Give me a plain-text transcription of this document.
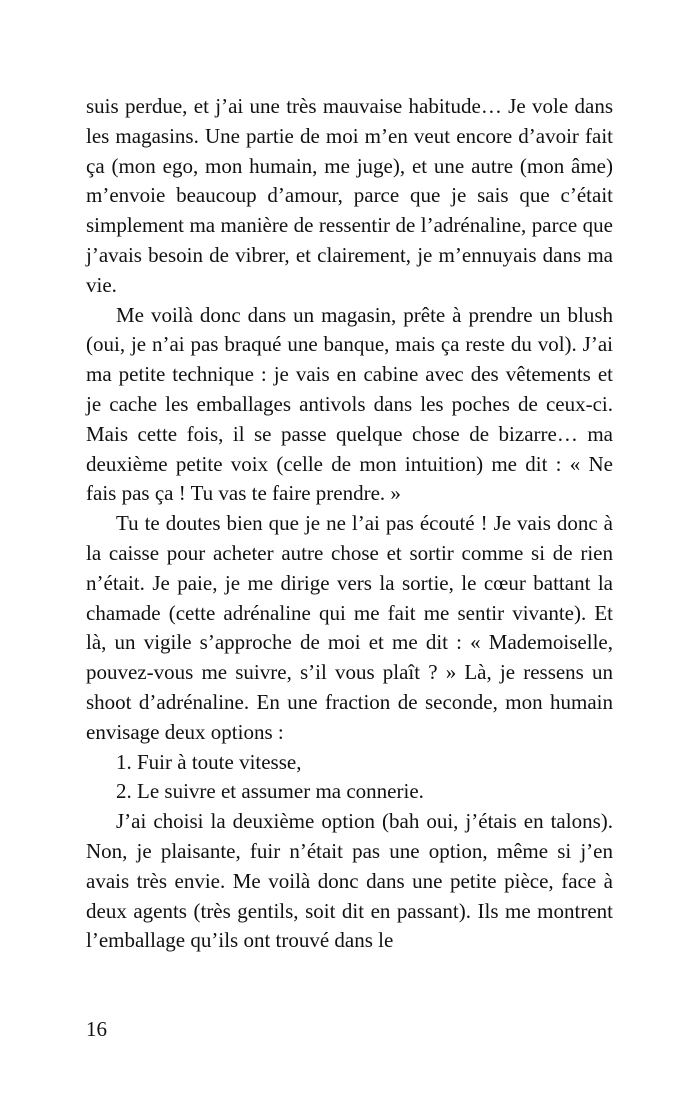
suis perdue, et j’ai une très mauvaise habitude… Je vole dans les magasins. Une partie de moi m’en veut encore d’avoir fait ça (mon ego, mon humain, me juge), et une autre (mon âme) m’envoie beaucoup d’amour, parce que je sais que c’était simplement ma manière de ressentir de l’adrénaline, parce que j’avais besoin de vibrer, et clairement, je m’ennuyais dans ma vie.

Me voilà donc dans un magasin, prête à prendre un blush (oui, je n’ai pas braqué une banque, mais ça reste du vol). J’ai ma petite technique : je vais en cabine avec des vêtements et je cache les emballages antivols dans les poches de ceux-ci. Mais cette fois, il se passe quelque chose de bizarre… ma deuxième petite voix (celle de mon intuition) me dit : « Ne fais pas ça ! Tu vas te faire prendre. »

Tu te doutes bien que je ne l’ai pas écouté ! Je vais donc à la caisse pour acheter autre chose et sortir comme si de rien n’était. Je paie, je me dirige vers la sortie, le cœur battant la chamade (cette adrénaline qui me fait me sentir vivante). Et là, un vigile s’approche de moi et me dit : « Mademoiselle, pouvez-vous me suivre, s’il vous plaît ? » Là, je ressens un shoot d’adrénaline. En une fraction de seconde, mon humain envisage deux options :

1. Fuir à toute vitesse,

2. Le suivre et assumer ma connerie.

J’ai choisi la deuxième option (bah oui, j’étais en talons). Non, je plaisante, fuir n’était pas une option, même si j’en avais très envie. Me voilà donc dans une petite pièce, face à deux agents (très gentils, soit dit en passant). Ils me montrent l’emballage qu’ils ont trouvé dans le

16
